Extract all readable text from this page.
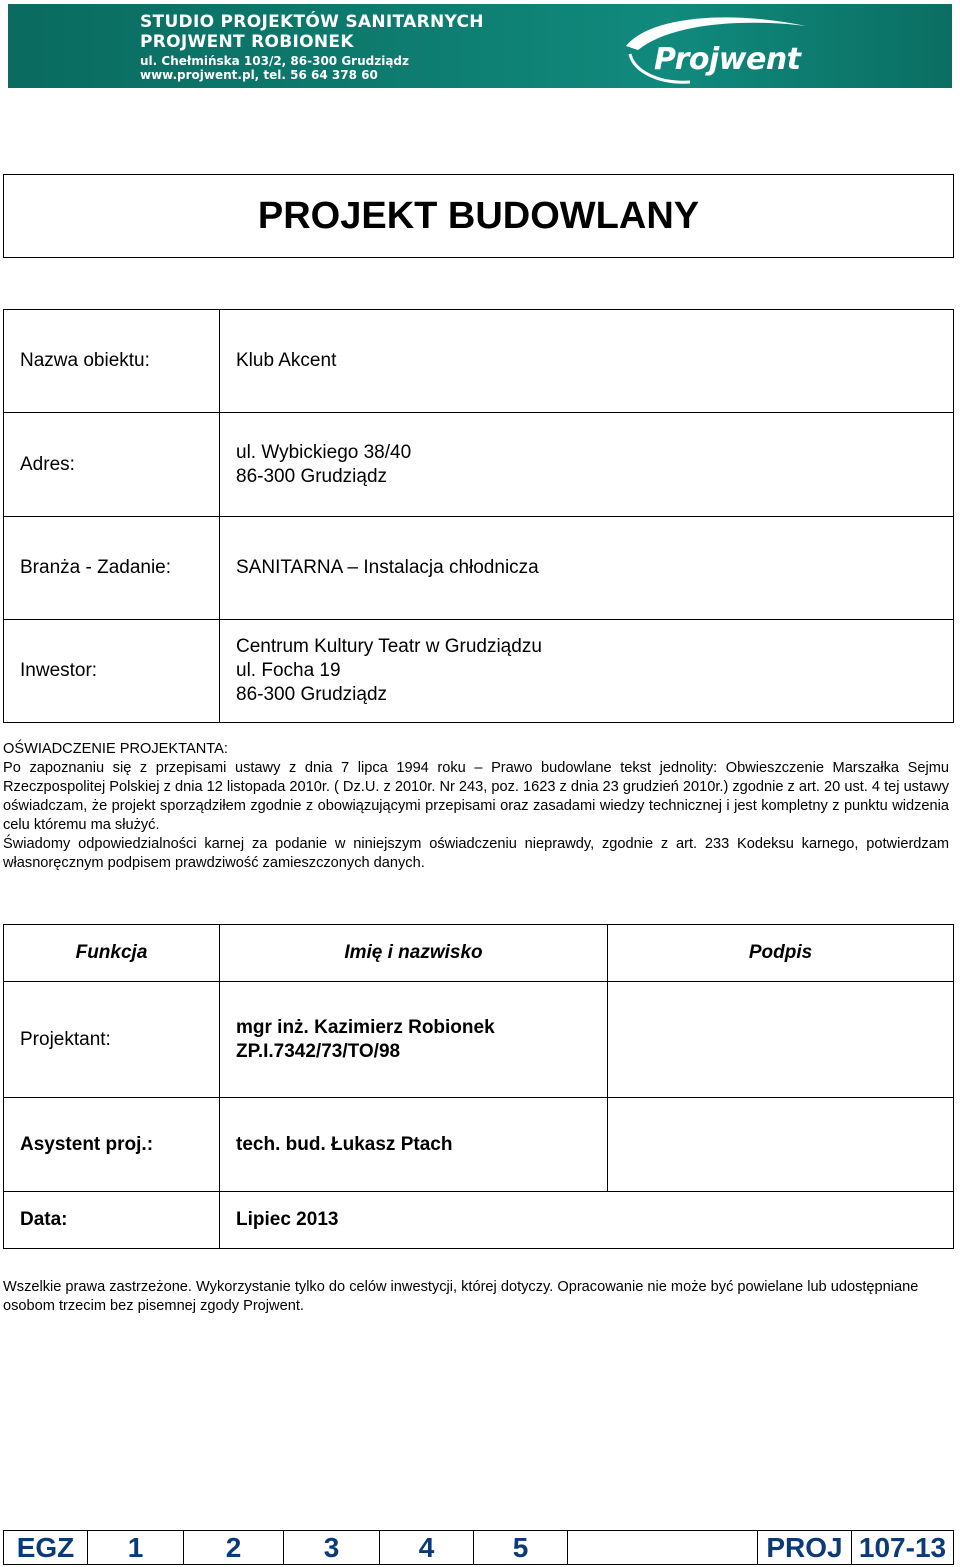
STUDIO PROJEKTÓW SANITARNYCH
PROJWENT ROBIONEK
ul. Chełmińska 103/2, 86-300 Grudziądz
www.projwent.pl, tel. 56 64 378 60	Projwent
PROJEKT BUDOWLANY
Nazwa obiektu:	Klub Akcent
Adres:	ul. Wybickiego 38/40
86-300 Grudziądz

Branża - Zadanie:	SANITARNA – Instalacja chłodnicza
Inwestor:	Centrum Kultury Teatr w Grudziądzu
ul. Focha 19
86-300 Grudziądz
OŚWIADCZENIE PROJEKTANTA:
Po zapoznaniu się z przepisami ustawy z dnia 7 lipca 1994 roku – Prawo budowlane tekst jednolity: Obwieszczenie Marszałka Sejmu Rzeczpospolitej Polskiej z dnia 12 listopada 2010r. ( Dz.U. z 2010r. Nr 243, poz. 1623 z dnia 23 grudzień 2010r.) zgodnie z art. 20 ust. 4 tej ustawy oświadczam, że projekt sporządziłem zgodnie z obowiązującymi przepisami oraz zasadami wiedzy technicznej i jest kompletny z punktu widzenia celu któremu ma służyć.
Świadomy odpowiedzialności karnej za podanie w niniejszym oświadczeniu nieprawdy, zgodnie z art. 233 Kodeksu karnego, potwierdzam własnoręcznym podpisem prawdziwość zamieszczonych danych.
Funkcja	Imię i nazwisko	Podpis
Projektant:	mgr inż. Kazimierz Robionek
ZP.I.7342/73/TO/98	

Asystent proj.:	tech. bud. Łukasz Ptach	
Data:	Lipiec 2013	
Wszelkie prawa zastrzeżone. Wykorzystanie tylko do celów inwestycji, której dotyczy. Opracowanie nie może być powielane lub udostępniane osobom trzecim bez pisemnej zgody Projwent.
EGZ	1	2	3	4	5	PROJ 107-13
